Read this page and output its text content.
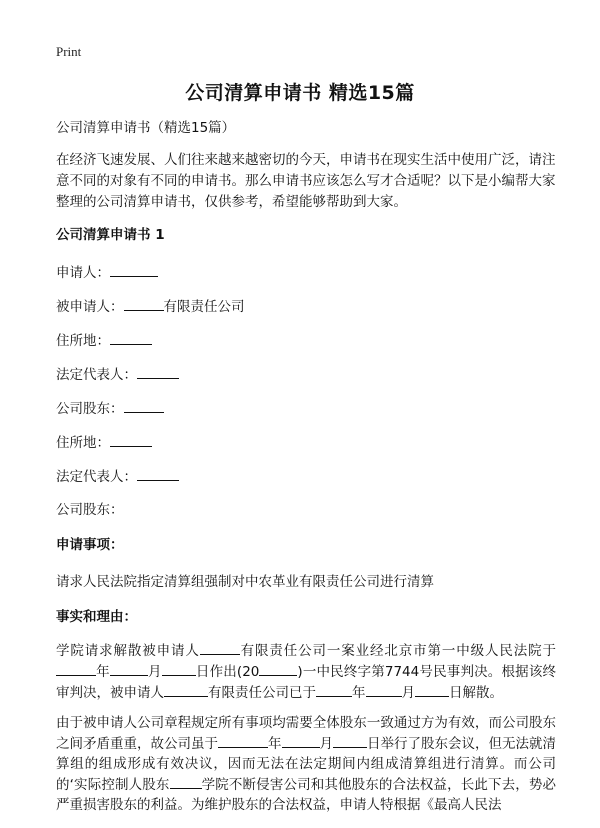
Print
公司清算申请书 精选15篇

公司清算申请书（精选15篇）

在经济飞速发展、人们往来越来越密切的今天，申请书在现实生活中使用广泛，请注意不同的对象有不同的申请书。那么申请书应该怎么写才合适呢？以下是小编帮大家整理的公司清算申请书，仅供参考，希望能够帮助到大家。

公司清算申请书 1

申请人：

被申请人：	有限责任公司

住所地：

法定代表人：

公司股东：

住所地：

法定代表人：

公司股东：

申请事项：

请求人民法院指定清算组强制对中农革业有限责任公司进行清算

事实和理由：

学院请求解散被申请人	有限责任公司一案业经北京市第一中级人民法院于年	月	日作出(20	)一中民终字第7744号民事判决。根据该终审判决，被申请人	有限责任公司已于	年	月	日解散。

由于被申请人公司章程规定所有事项均需要全体股东一致通过方为有效，而公司股东之间矛盾重重，故公司虽于	年	月	日举行了股东会议，但无法就清算组的组成形成有效决议，因而无法在法定期间内组成清算组进行清算。而公司的‘实际控制人股东 学院不断侵害公司和其他股东的合法权益，长此下去，势必严重损害股东的利益。为维护股东的合法权益，申请人特根据《最高人民法
